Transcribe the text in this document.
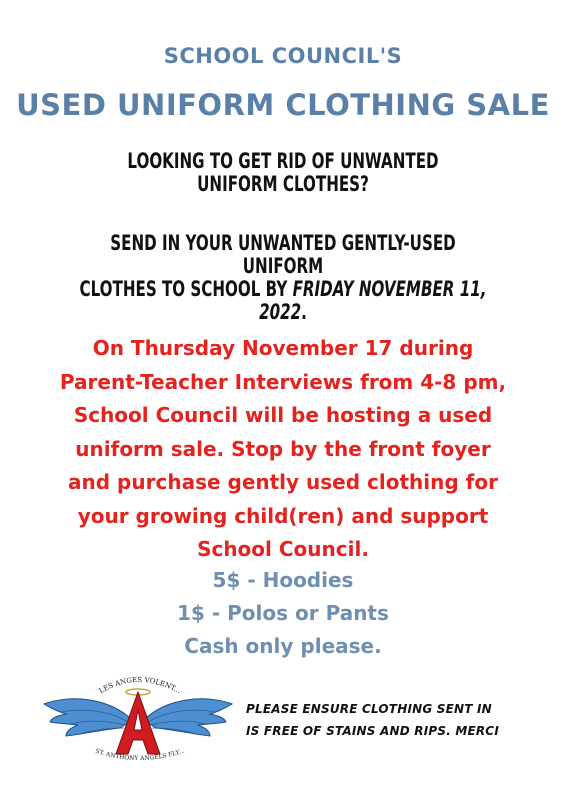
SCHOOL COUNCIL'S
USED UNIFORM CLOTHING SALE
LOOKING TO GET RID OF UNWANTED
UNIFORM CLOTHES?
SEND IN YOUR UNWANTED GENTLY-USED UNIFORM
CLOTHES TO SCHOOL BY FRIDAY NOVEMBER 11,
2022.
On Thursday November 17 during
Parent-Teacher Interviews from 4-8 pm,
School Council will be hosting a used
uniform sale. Stop by the front foyer
and purchase gently used clothing for
your growing child(ren) and support
School Council.
5$ - Hoodies
1$ - Polos or Pants
Cash only please.
LES ANGES VOLENT...
ST. ANTHONY ANGELS FLY...
PLEASE ENSURE CLOTHING SENT IN
IS FREE OF STAINS AND RIPS. MERCI
